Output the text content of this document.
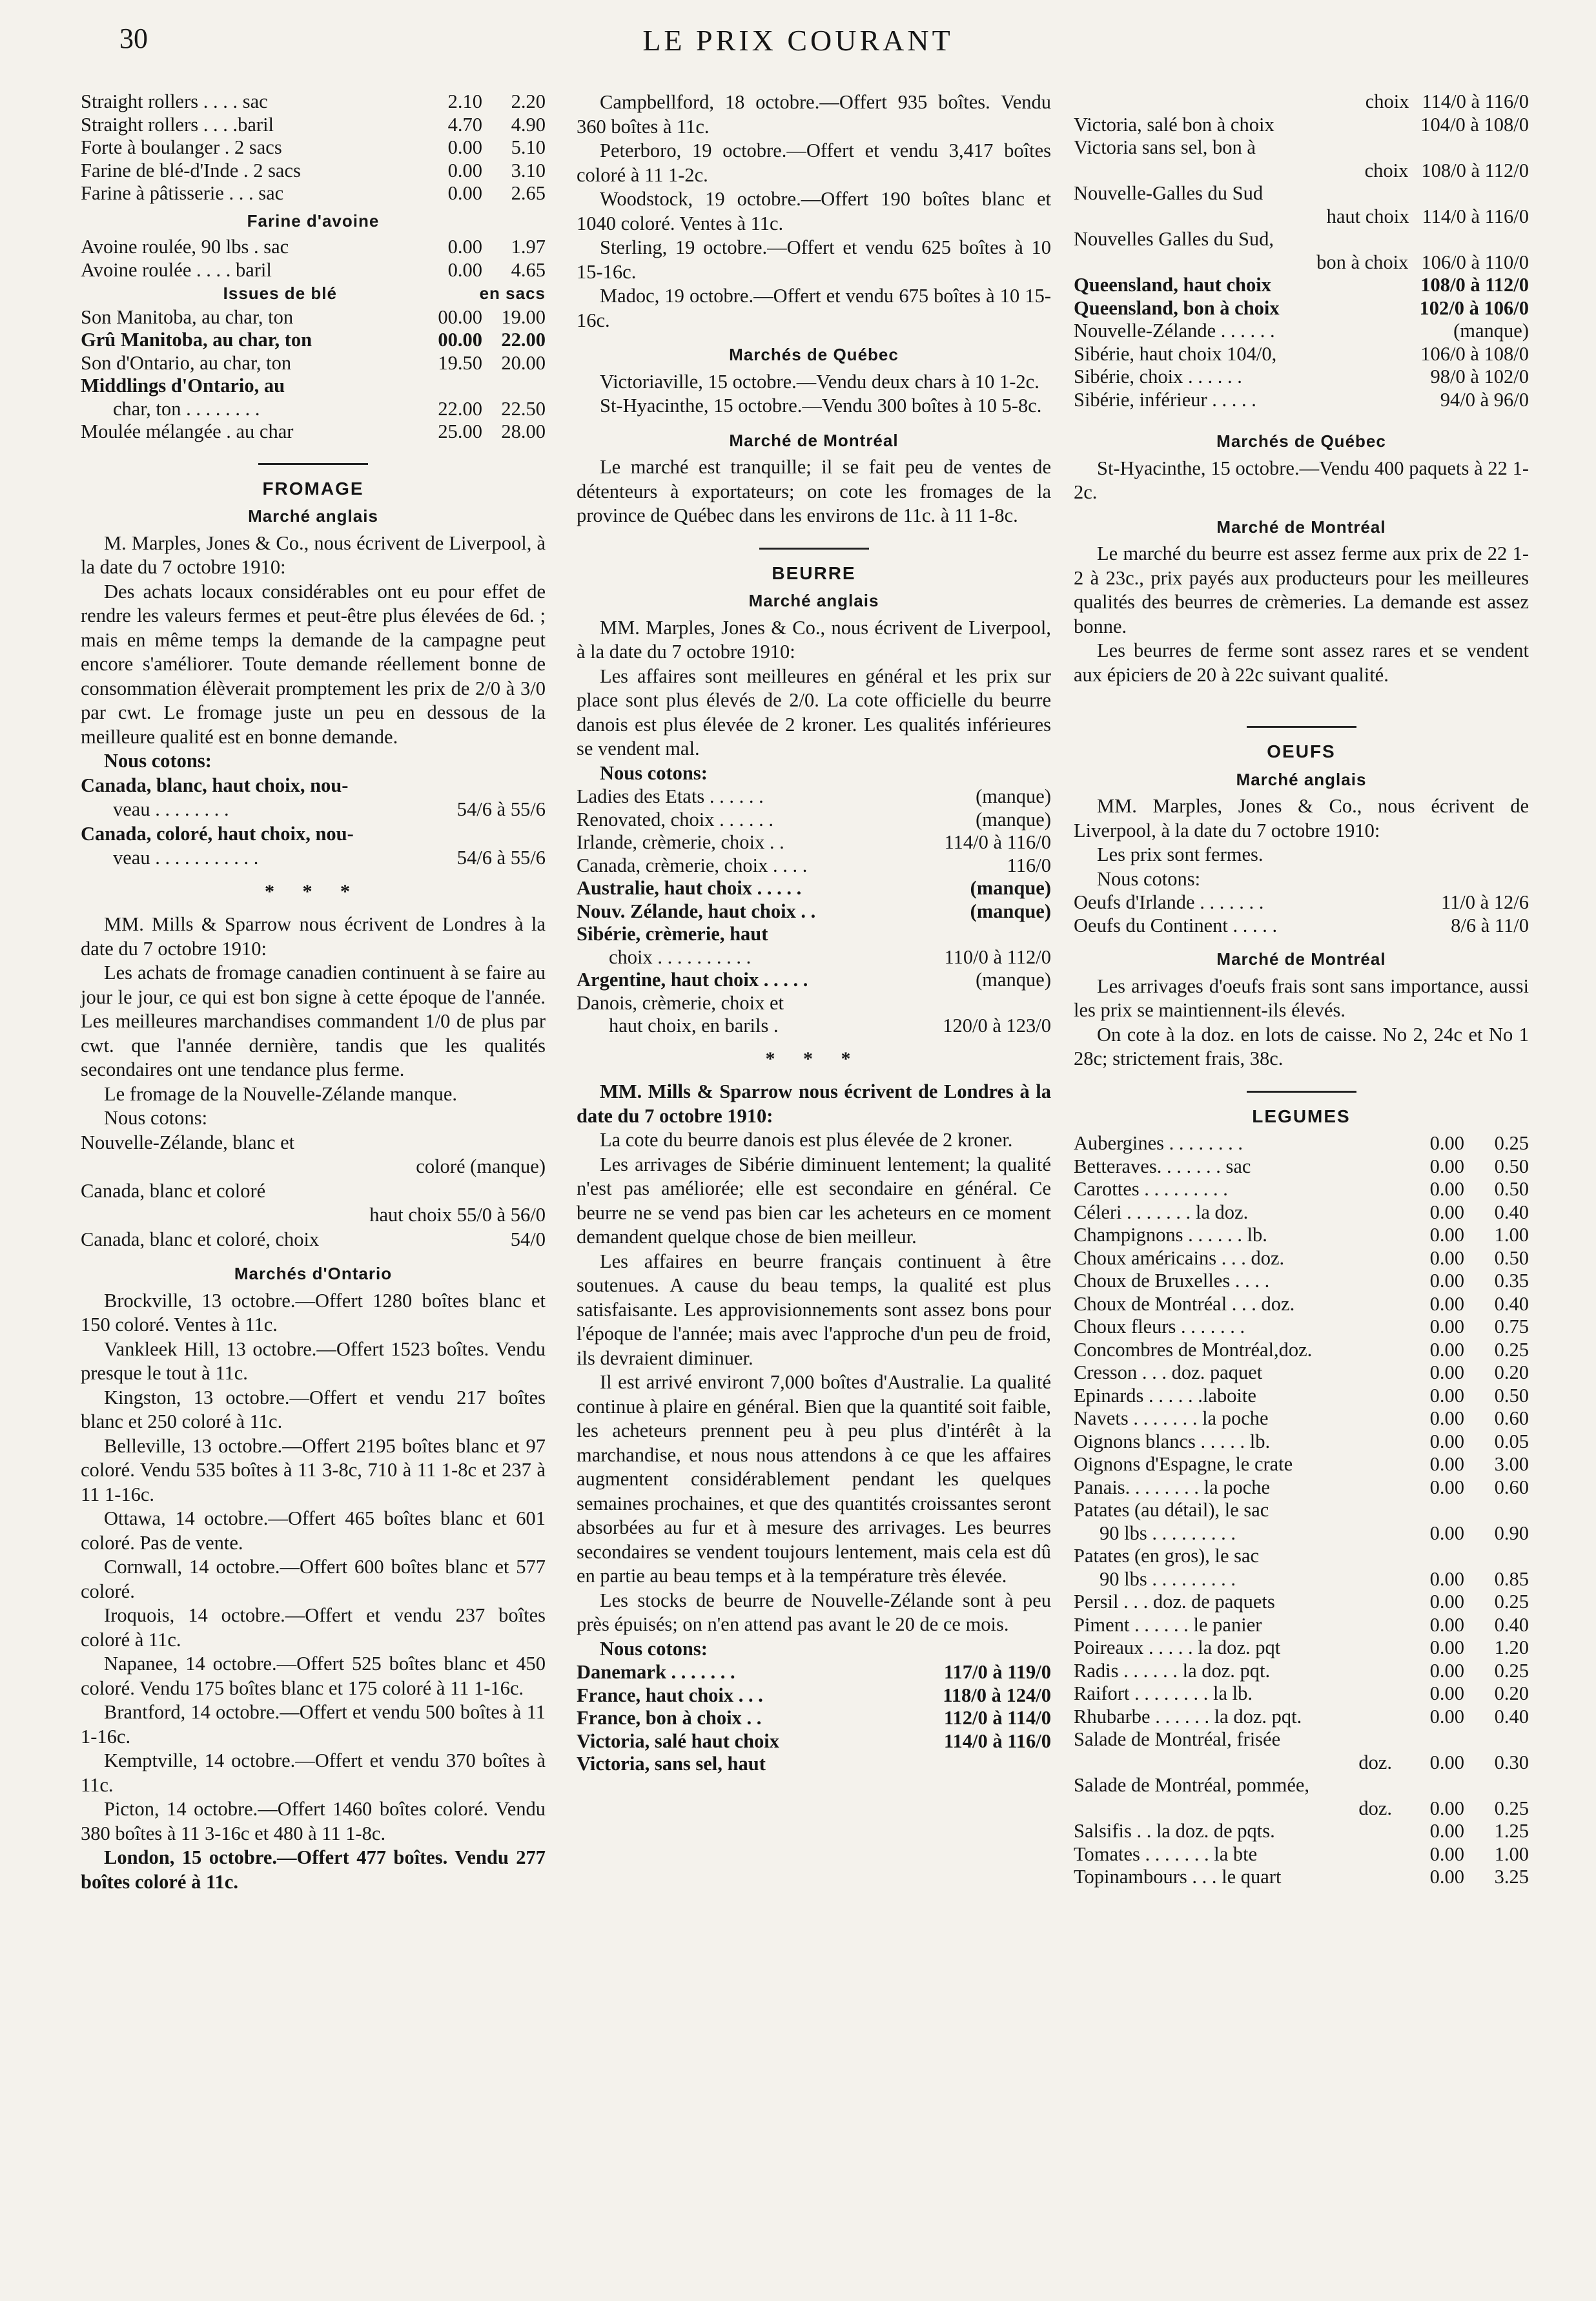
30	LE PRIX COURANT
Straight rollers . . . . sac	2.10	2.20
Straight rollers . . . .baril	4.70	4.90
Forte à boulanger . 2 sacs	0.00	5.10
Farine de blé-d'Inde . 2 sacs	0.00	3.10
Farine à pâtisserie . . . sac	0.00	2.65
Farine d'avoine
Avoine roulée, 90 lbs . sac	0.00	1.97
Avoine roulée . . . . baril	0.00	4.65
Issues de blé	en sacs
Son Manitoba, au char, ton	00.00 19.00
Grû Manitoba, au char, ton	00.00 22.00
Son d'Ontario, au char, ton	19.50 20.00
Middlings d'Ontario, au
char, ton . . . . . . . .	22.00 22.50
Moulée mélangée . au char	25.00 28.00
FROMAGE
Marché anglais

M. Marples, Jones & Co., nous écrivent de Liverpool, à la date du 7 octobre 1910:

Des achats locaux considérables ont eu pour effet de rendre les valeurs fermes et peut-être plus élevées de 6d. ; mais en même temps la demande de la campagne peut encore s'améliorer. Toute demande réellement bonne de consommation élèverait promptement les prix de 2/0 à 3/0 par cwt. Le fromage juste un peu en dessous de la meilleure qualité est en bonne demande.

Nous cotons:
Canada, blanc, haut choix, nou-
veau . . . . . . . .	54/6 à 55/6
Canada, coloré, haut choix, nou-
veau . . . . . . . . . . .	54/6 à 55/6
* * *

MM. Mills & Sparrow nous écrivent de Londres à la date du 7 octobre 1910:

Les achats de fromage canadien continuent à se faire au jour le jour, ce qui est bon signe à cette époque de l'année. Les meilleures marchandises commandent 1/0 de plus par cwt. que l'année dernière, tandis que les qualités secondaires ont une tendance plus ferme.

Le fromage de la Nouvelle-Zélande manque.

Nous cotons:
Nouvelle-Zélande, blanc et
coloré (manque)
Canada, blanc et coloré
haut choix 55/0 à 56/0
Canada, blanc et coloré, choix	54/0
Marchés d'Ontario

Brockville, 13 octobre.—Offert 1280 boîtes blanc et 150 coloré. Ventes à 11c.

Vankleek Hill, 13 octobre.—Offert 1523 boîtes. Vendu presque le tout à 11c.

Kingston, 13 octobre.—Offert et vendu 217 boîtes blanc et 250 coloré à 11c.

Belleville, 13 octobre.—Offert 2195 boîtes blanc et 97 coloré. Vendu 535 boîtes à 11 3-8c, 710 à 11 1-8c et 237 à 11 1-16c.

Ottawa, 14 octobre.—Offert 465 boîtes blanc et 601 coloré. Pas de vente.

Cornwall, 14 octobre.—Offert 600 boîtes blanc et 577 coloré.

Iroquois, 14 octobre.—Offert et vendu 237 boîtes coloré à 11c.

Napanee, 14 octobre.—Offert 525 boîtes blanc et 450 coloré. Vendu 175 boîtes blanc et 175 coloré à 11 1-16c.

Brantford, 14 octobre.—Offert et vendu 500 boîtes à 11 1-16c.

Kemptville, 14 octobre.—Offert et vendu 370 boîtes à 11c.

Picton, 14 octobre.—Offert 1460 boîtes coloré. Vendu 380 boîtes à 11 3-16c et 480 à 11 1-8c.

London, 15 octobre.—Offert 477 boîtes. Vendu 277 boîtes coloré à 11c.

Campbellford, 18 octobre.—Offert 935 boîtes. Vendu 360 boîtes à 11c.

Peterboro, 19 octobre.—Offert et vendu 3,417 boîtes coloré à 11 1-2c.

Woodstock, 19 octobre.—Offert 190 boîtes blanc et 1040 coloré. Ventes à 11c.

Sterling, 19 octobre.—Offert et vendu 625 boîtes à 10 15-16c.

Madoc, 19 octobre.—Offert et vendu 675 boîtes à 10 15-16c.

Marchés de Québec

Victoriaville, 15 octobre.—Vendu deux chars à 10 1-2c.

St-Hyacinthe, 15 octobre.—Vendu 300 boîtes à 10 5-8c.

Marché de Montréal

Le marché est tranquille; il se fait peu de ventes de détenteurs à exportateurs; on cote les fromages de la province de Québec dans les environs de 11c. à 11 1-8c.

BEURRE
Marché anglais

MM. Marples, Jones & Co., nous écrivent de Liverpool, à la date du 7 octobre 1910:

Les affaires sont meilleures en général et les prix sur place sont plus élevés de 2/0. La cote officielle du beurre danois est plus élevée de 2 kroner. Les qualités inférieures se vendent mal.

Nous cotons:
Ladies des Etats . . . . . .	(manque)
Renovated, choix . . . . . .	(manque)
Irlande, crèmerie, choix . .	114/0 à 116/0
Canada, crèmerie, choix . . . .	116/0
Australie, haut choix . . . . .	(manque)
Nouv. Zélande, haut choix . .	(manque)
Sibérie, crèmerie, haut
choix . . . . . . . . . .	110/0 à 112/0
Argentine, haut choix . . . . .	(manque)
Danois, crèmerie, choix et
haut choix, en barils .	120/0 à 123/0
* * *

MM. Mills & Sparrow nous écrivent de Londres à la date du 7 octobre 1910:

La cote du beurre danois est plus élevée de 2 kroner.

Les arrivages de Sibérie diminuent lentement; la qualité n'est pas améliorée; elle est secondaire en général. Ce beurre ne se vend pas bien car les acheteurs en ce moment demandent quelque chose de bien meilleur.

Les affaires en beurre français continuent à être soutenues. A cause du beau temps, la qualité est plus satisfaisante. Les approvisionnements sont assez bons pour l'époque de l'année; mais avec l'approche d'un peu de froid, ils devraient diminuer.

Il est arrivé environt 7,000 boîtes d'Australie. La qualité continue à plaire en général. Bien que la quantité soit faible, les acheteurs prennent peu à peu plus d'intérêt à la marchandise, et nous nous attendons à ce que les affaires augmentent considérablement pendant les quelques semaines prochaines, et que des quantités croissantes seront absorbées au fur et à mesure des arrivages. Les beurres secondaires se vendent toujours lentement, mais cela est dû en partie au beau temps et à la température très élevée.

Les stocks de beurre de Nouvelle-Zélande sont à peu près épuisés; on n'en attend pas avant le 20 de ce mois.

Nous cotons:
Danemark . . . . . . .	117/0 à 119/0
France, haut choix . . .	118/0 à 124/0
France, bon à choix . .	112/0 à 114/0
Victoria, salé haut choix	114/0 à 116/0
Victoria, sans sel, haut
choix 114/0 à 116/0
Victoria, salé bon à choix	104/0 à 108/0
Victoria sans sel, bon à
choix 108/0 à 112/0
Nouvelle-Galles du Sud
haut choix 114/0 à 116/0
Nouvelles Galles du Sud,
bon à choix 106/0 à 110/0
Queensland, haut choix	108/0 à 112/0
Queensland, bon à choix	102/0 à 106/0
Nouvelle-Zélande . . . . . .	(manque)
Sibérie, haut choix 104/0,	106/0 à 108/0
Sibérie, choix . . . . . .	98/0 à 102/0
Sibérie, inférieur . . . . .	94/0 à 96/0
Marchés de Québec

St-Hyacinthe, 15 octobre.—Vendu 400 paquets à 22 1-2c.

Marché de Montréal

Le marché du beurre est assez ferme aux prix de 22 1-2 à 23c., prix payés aux producteurs pour les meilleures qualités des beurres de crèmeries. La demande est assez bonne.

Les beurres de ferme sont assez rares et se vendent aux épiciers de 20 à 22c suivant qualité.

OEUFS
Marché anglais

MM. Marples, Jones & Co., nous écrivent de Liverpool, à la date du 7 octobre 1910:

Les prix sont fermes.

Nous cotons:
Oeufs d'Irlande . . . . . . .	11/0 à 12/6
Oeufs du Continent . . . . .	8/6 à 11/0
Marché de Montréal

Les arrivages d'oeufs frais sont sans importance, aussi les prix se maintiennent-ils élevés.

On cote à la doz. en lots de caisse. No 2, 24c et No 1 28c; strictement frais, 38c.

LEGUMES
Aubergines . . . . . . . .	0.00	0.25
Betteraves. . . . . . . sac	0.00	0.50
Carottes . . . . . . . . .	0.00	0.50
Céleri . . . . . . . la doz.	0.00	0.40
Champignons . . . . . . lb.	0.00	1.00
Choux américains . . . doz.	0.00	0.50
Choux de Bruxelles . . . .	0.00	0.35
Choux de Montréal . . . doz.	0.00	0.40
Choux fleurs . . . . . . .	0.00	0.75
Concombres de Montréal,doz.	0.00	0.25
Cresson . . . doz. paquet	0.00	0.20
Epinards . . . . . .laboite	0.00	0.50
Navets . . . . . . . la poche	0.00	0.60
Oignons blancs . . . . . lb.	0.00	0.05
Oignons d'Espagne, le crate	0.00	3.00
Panais. . . . . . . . la poche	0.00	0.60
Patates (au détail), le sac
90 lbs . . . . . . . . .	0.00	0.90
Patates (en gros), le sac
90 lbs . . . . . . . . .	0.00	0.85
Persil . . . doz. de paquets	0.00	0.25
Piment . . . . . . le panier	0.00	0.40
Poireaux . . . . . la doz. pqt	0.00	1.20
Radis . . . . . . la doz. pqt.	0.00	0.25
Raifort . . . . . . . . la lb.	0.00	0.20
Rhubarbe . . . . . . la doz. pqt.	0.00	0.40
Salade de Montréal, frisée
doz.	0.00	0.30
Salade de Montréal, pommée,
doz.	0.00	0.25
Salsifis . . la doz. de pqts.	0.00	1.25
Tomates . . . . . . . la bte	0.00	1.00
Topinambours . . . le quart	0.00	3.25
